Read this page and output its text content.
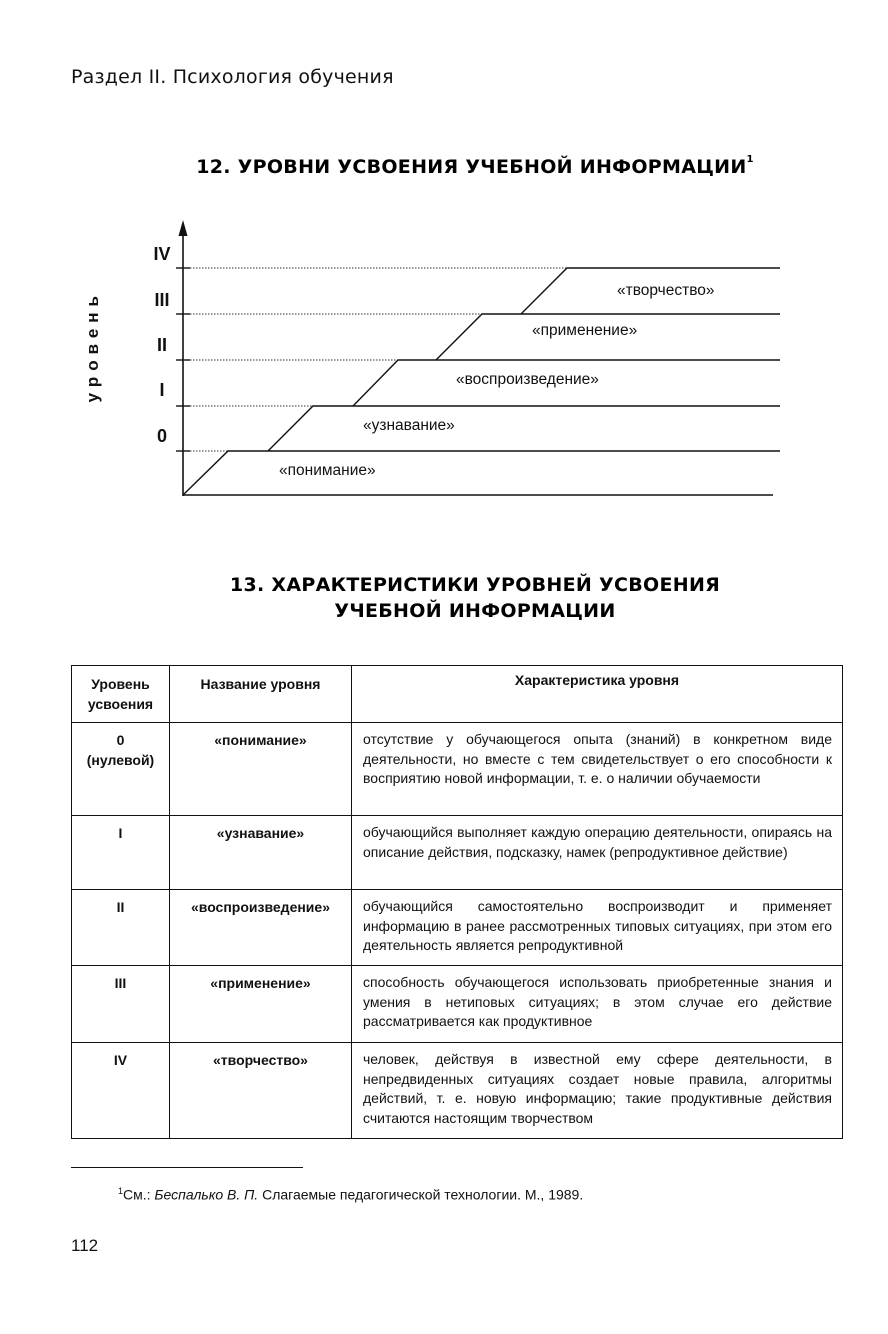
Раздел II. Психология обучения
12. УРОВНИ УСВОЕНИЯ УЧЕБНОЙ ИНФОРМАЦИИ$^1$
уровень
IV
III
II
I
0
«понимание»
«узнавание»
«воспроизведение»
«применение»
«творчество»
13. ХАРАКТЕРИСТИКИ УРОВНЕЙ УСВОЕНИЯ
УЧЕБНОЙ ИНФОРМАЦИИ
Уровень
усвоения	Название уровня	Характеристика уровня

0
(нулевой)	«понимание»	отсутствие у обучающегося опыта (знаний) в конкретном виде деятельности, но вместе с тем свидетельствует о его способности к восприятию новой информации, т. е. о наличии обучаемости
I	«узнавание»	обучающийся выполняет каждую операцию деятельности, опираясь на описание действия, подсказку, намек (репродуктивное действие)
II	«воспроизведение»	обучающийся самостоятельно воспроизводит и применяет информацию в ранее рассмотренных типовых ситуациях, при этом его деятельность является репродуктивной
III	«применение»	способность обучающегося использовать приобретенные знания и умения в нетиповых ситуациях; в этом случае его действие рассматривается как продуктивное
IV	«творчество»	человек, действуя в известной ему сфере деятельности, в непредвиденных ситуациях создает новые правила, алгоритмы действий, т. е. новую информацию; такие продуктивные действия считаются настоящим творчеством
$^1$См.: Беспалько В. П. Слагаемые педагогической технологии. М., 1989.
112
